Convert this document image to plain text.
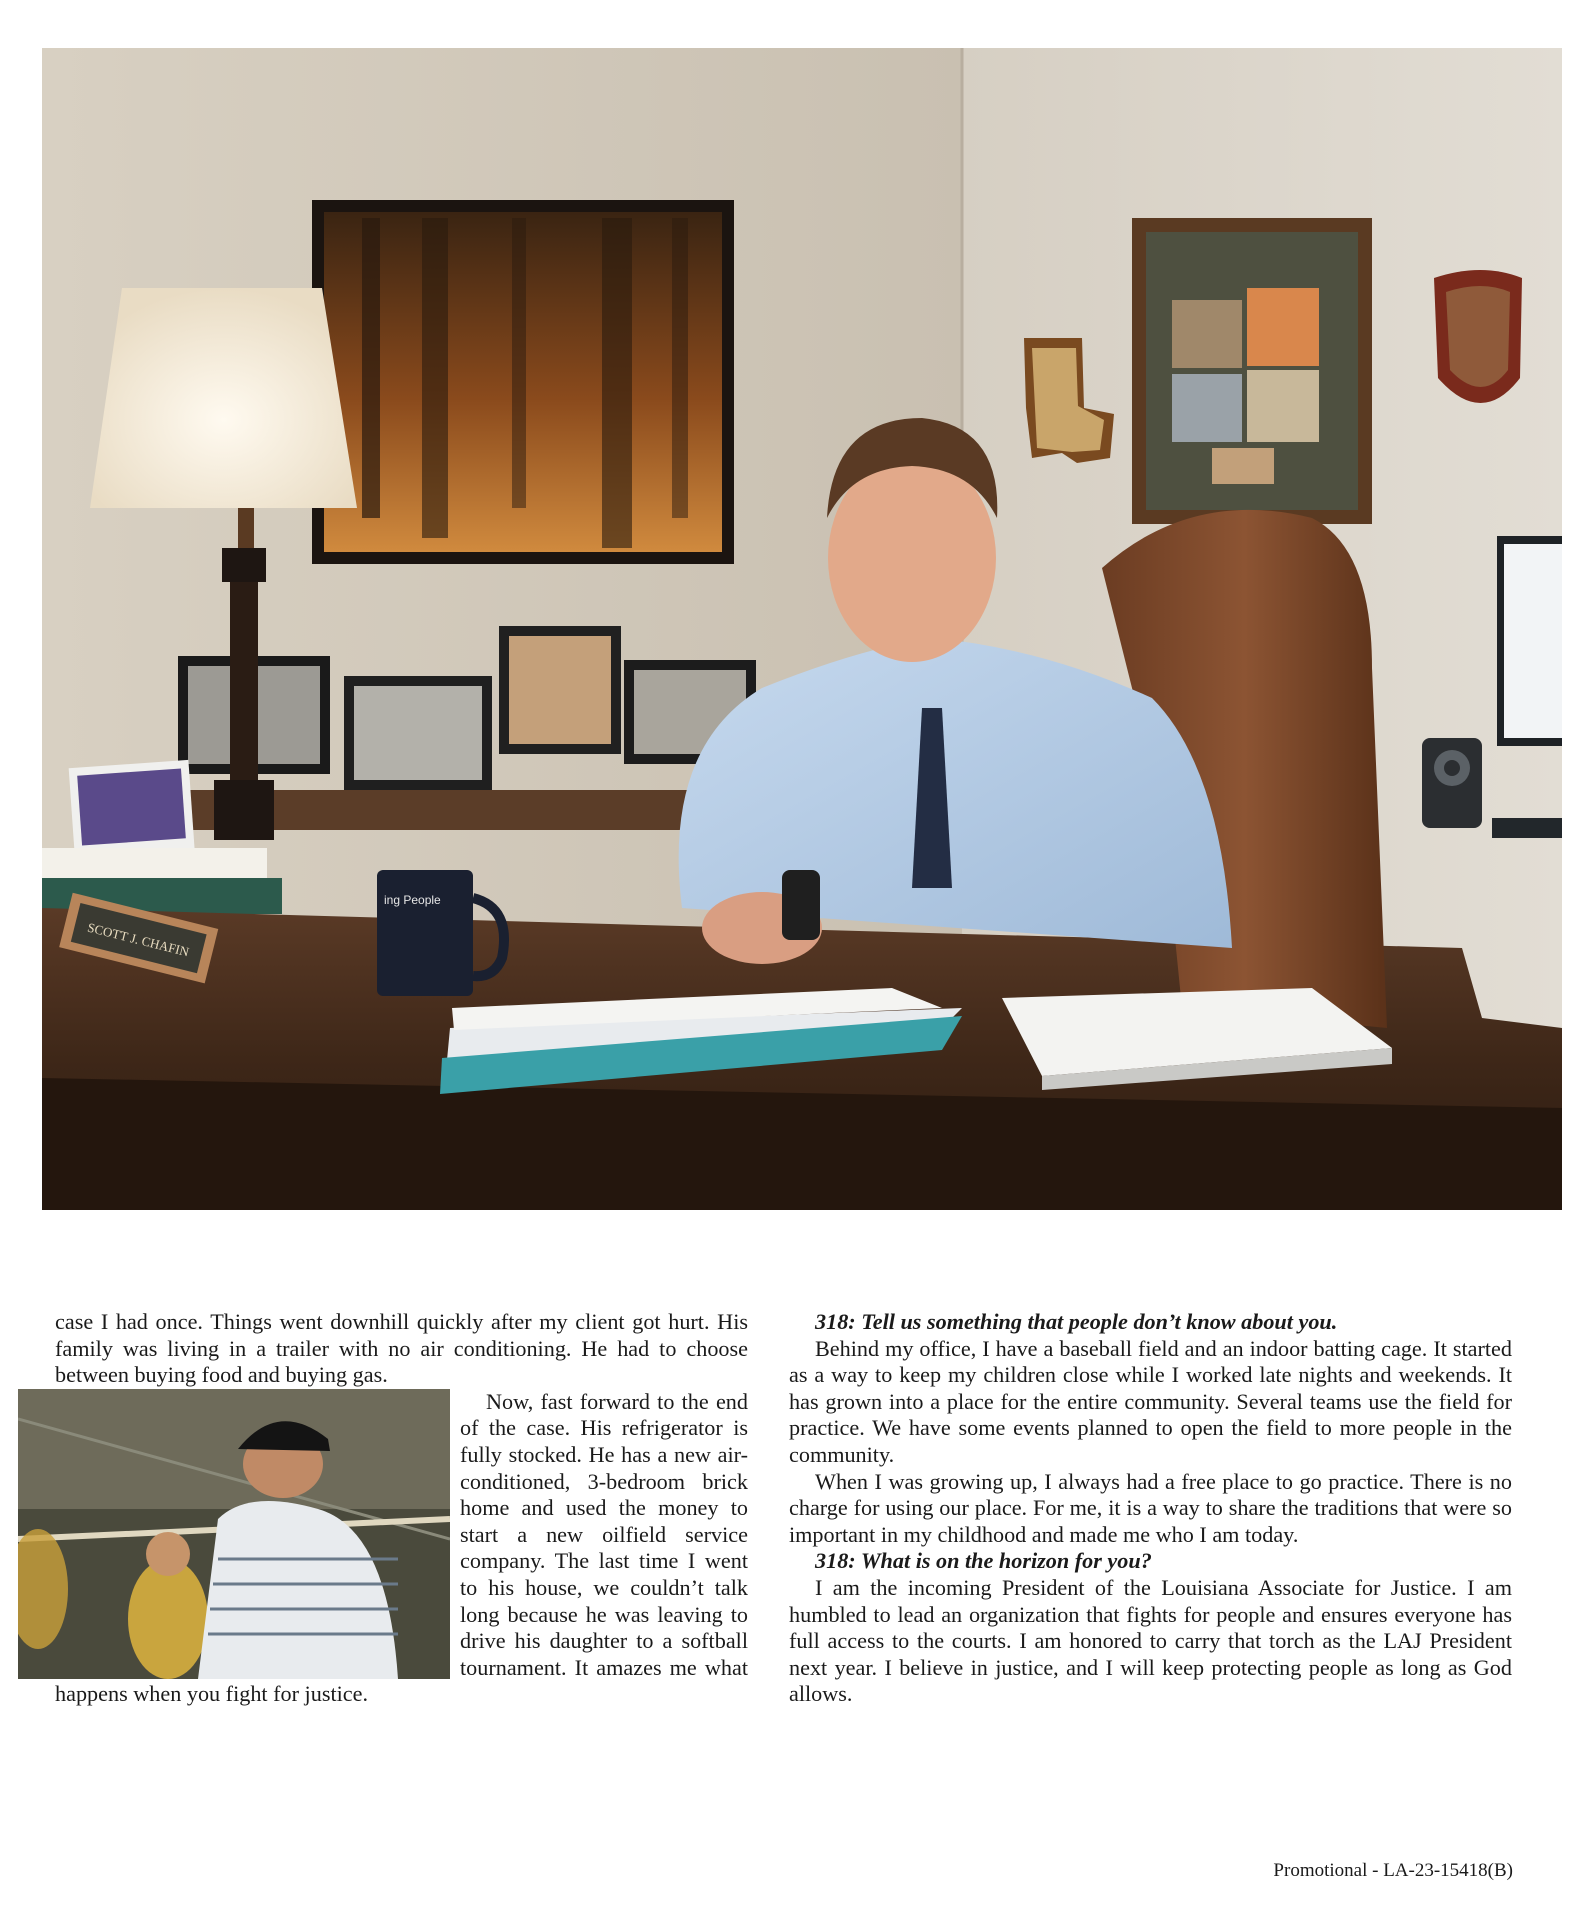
SCOTT J. CHAFIN
ing People

case I had once. Things went downhill quickly after my client got hurt. His family was living in a trailer with no air conditioning. He had to choose between buying food and buying gas.

Now, fast forward to the end of the case. His refrigerator is fully stocked. He has a new air-conditioned, 3-bedroom brick home and used the money to start a new oilfield service company. The last time I went to his house, we couldn’t talk long because he was leaving to drive his daughter to a softball tournament. It amazes me what happens when you fight for justice.

318: Tell us something that people don’t know about you.

Behind my office, I have a baseball field and an indoor batting cage. It started as a way to keep my children close while I worked late nights and weekends. It has grown into a place for the entire community. Several teams use the field for practice. We have some events planned to open the field to more people in the community.

When I was growing up, I always had a free place to go practice. There is no charge for using our place. For me, it is a way to share the traditions that were so important in my childhood and made me who I am today.

318: What is on the horizon for you?

I am the incoming President of the Louisiana Associate for Justice. I am humbled to lead an organization that fights for people and ensures everyone has full access to the courts. I am honored to carry that torch as the LAJ President next year. I believe in justice, and I will keep protecting people as long as God allows.

Promotional - LA-23-15418(B)
